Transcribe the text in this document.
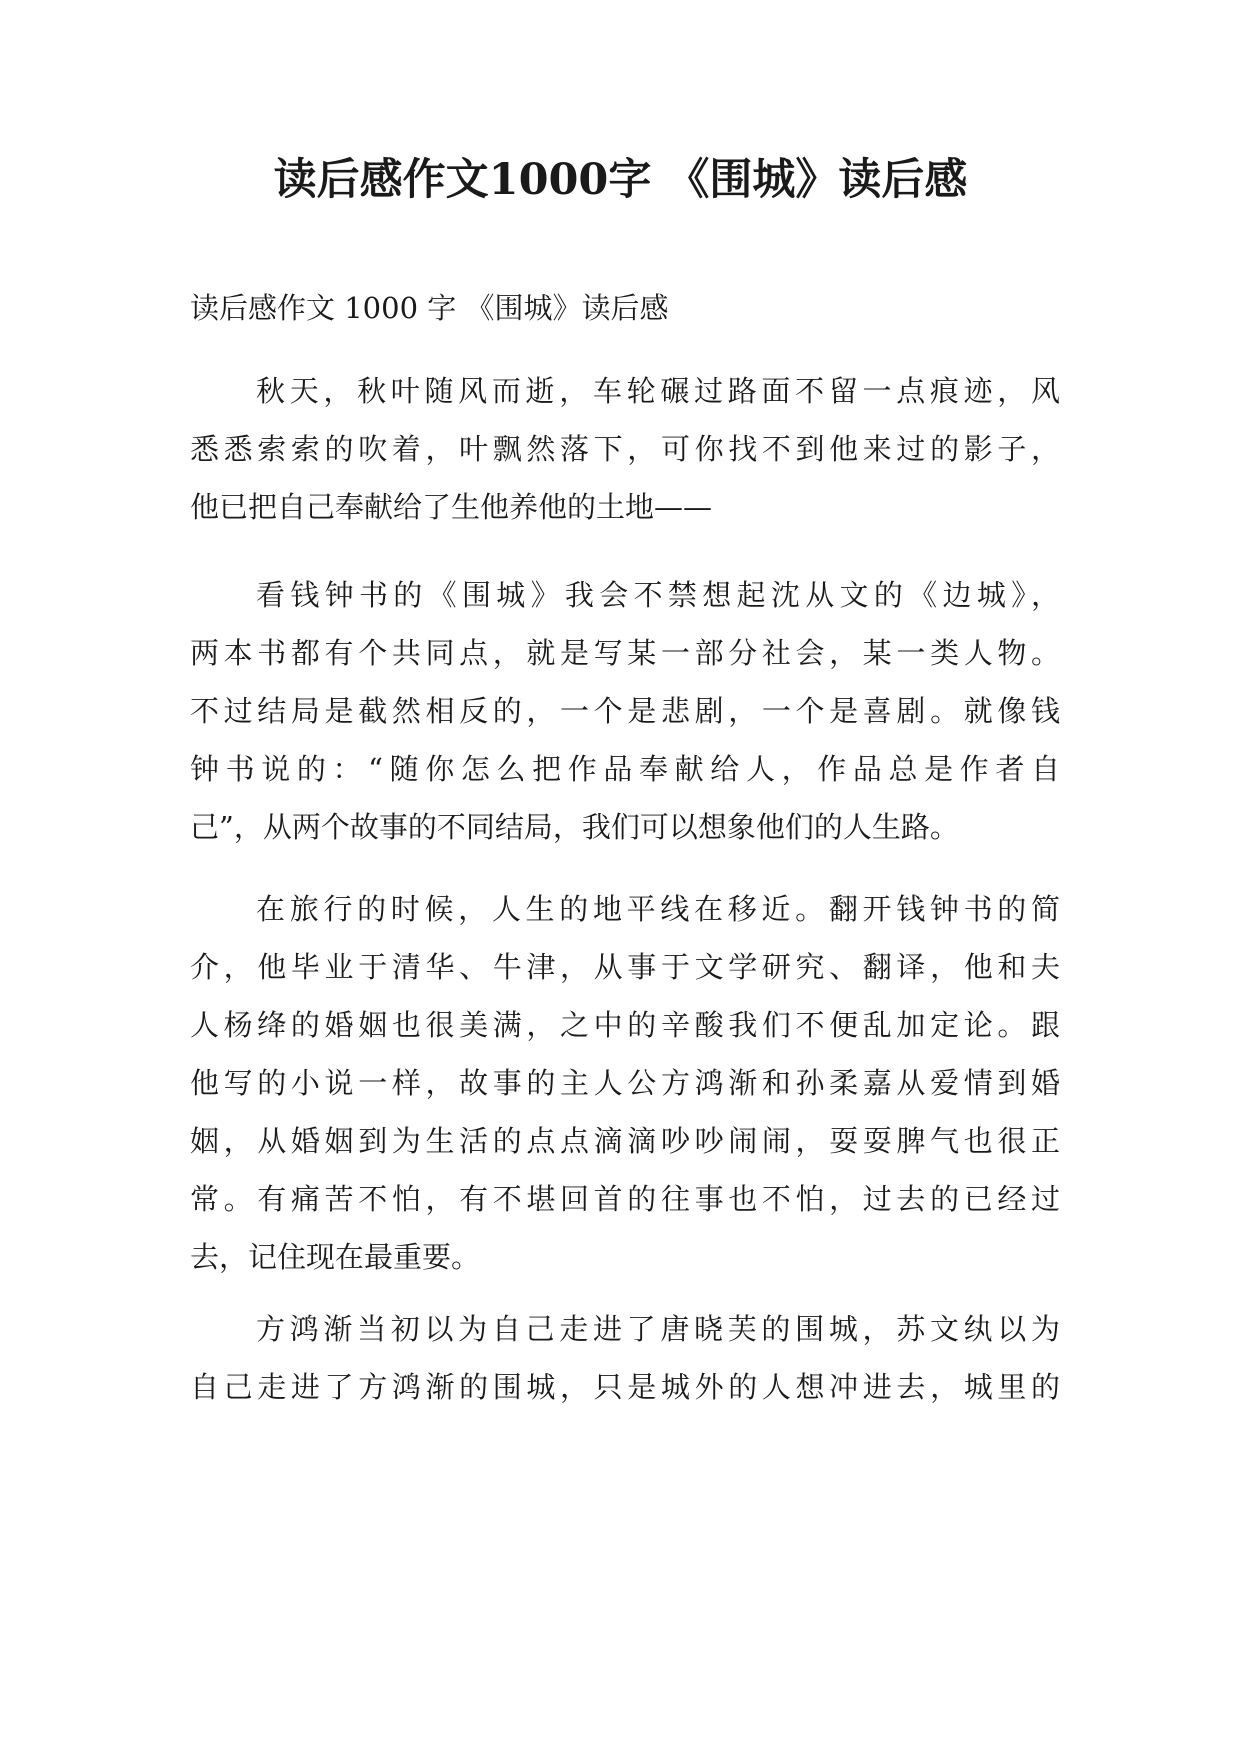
读后感作文1000字 《围城》读后感

读后感作文 1000 字 《围城》读后感

秋天，秋叶随风而逝，车轮碾过路面不留一点痕迹，风
悉悉索索的吹着，叶飘然落下，可你找不到他来过的影子，
他已把自己奉献给了生他养他的土地——

看钱钟书的《围城》我会不禁想起沈从文的《边城》，
两本书都有个共同点，就是写某一部分社会，某一类人物。
不过结局是截然相反的，一个是悲剧，一个是喜剧。就像钱
钟书说的：“随你怎么把作品奉献给人，作品总是作者自
己”，从两个故事的不同结局，我们可以想象他们的人生路。

在旅行的时候，人生的地平线在移近。翻开钱钟书的简
介，他毕业于清华、牛津，从事于文学研究、翻译，他和夫
人杨绛的婚姻也很美满，之中的辛酸我们不便乱加定论。跟
他写的小说一样，故事的主人公方鸿渐和孙柔嘉从爱情到婚
姻，从婚姻到为生活的点点滴滴吵吵闹闹，耍耍脾气也很正
常。有痛苦不怕，有不堪回首的往事也不怕，过去的已经过
去，记住现在最重要。

方鸿渐当初以为自己走进了唐晓芙的围城，苏文纨以为
自己走进了方鸿渐的围城，只是城外的人想冲进去，城里的
